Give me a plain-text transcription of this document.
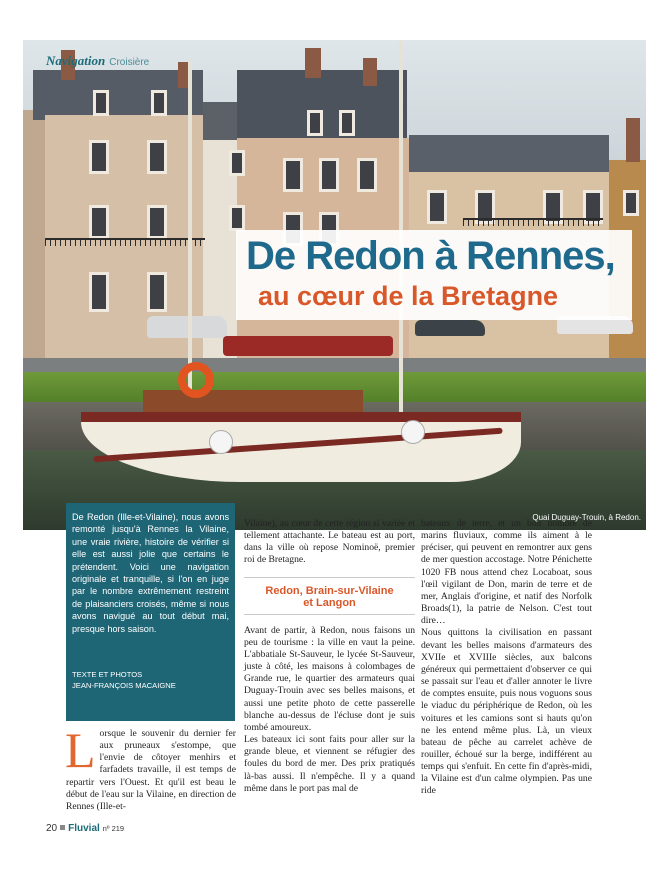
Navigation Croisière
De Redon à Rennes,
au cœur de la Bretagne
Quai Duguay-Trouin, à Redon.
De Redon (Ille-et-Vilaine), nous avons remonté jusqu'à Rennes la Vilaine, une vraie rivière, histoire de vérifier si elle est aussi jolie que certains le prétendent. Voici une navigation originale et tranquille, si l'on en juge par le nombre extrêmement restreint de plaisanciers croisés, même si nous avons navigué au tout début mai, presque hors saison.
TEXTE ET PHOTOS
JEAN-FRANÇOIS MACAIGNE

Lorsque le souvenir du dernier fer aux pruneaux s'estompe, que l'envie de côtoyer menhirs et farfadets travaille, il est temps de repartir vers l'Ouest. Et qu'il est beau le début de l'eau sur la Vilaine, en direction de Rennes (Ille-et-

Vilaine), au cœur de cette région si variée et tellement attachante. Le bateau est au port, dans la ville où repose Nominoë, premier roi de Bretagne.

Redon, Brain-sur-Vilaine
et Langon

Avant de partir, à Redon, nous faisons un peu de tourisme : la ville en vaut la peine. L'abbatiale St-Sauveur, le lycée St-Sauveur, juste à côté, les maisons à colombages de Grande rue, le quartier des armateurs quai Duguay-Trouin avec ses belles maisons, et aussi une petite photo de cette passerelle blanche au-dessus de l'écluse dont je suis tombé amoureux.

Les bateaux ici sont faits pour aller sur la grande bleue, et viennent se réfugier des foules du bord de mer. Des prix pratiqués là-bas aussi. Il n'empêche. Il y a quand même dans le port pas mal de

bateaux de terre, et un bon nombre de marins fluviaux, comme ils aiment à le préciser, qui peuvent en remontrer aux gens de mer question accostage. Notre Pénichette 1020 FB nous attend chez Locaboat, sous l'œil vigilant de Don, marin de terre et de mer, Anglais d'origine, et natif des Norfolk Broads(1), la patrie de Nelson. C'est tout dire…

Nous quittons la civilisation en passant devant les belles maisons d'armateurs des XVIIe et XVIIIe siècles, aux balcons généreux qui permettaient d'observer ce qui se passait sur l'eau et d'aller annoter le livre de comptes ensuite, puis nous voguons sous le viaduc du périphérique de Redon, où les voitures et les camions sont si hauts qu'on ne les entend même plus. Là, un vieux bateau de pêche au carrelet achève de rouiller, échoué sur la berge, indifférent au temps qui s'enfuit. En cette fin d'après-midi, la Vilaine est d'un calme olympien. Pas une ride

20 Fluvial nº 219
